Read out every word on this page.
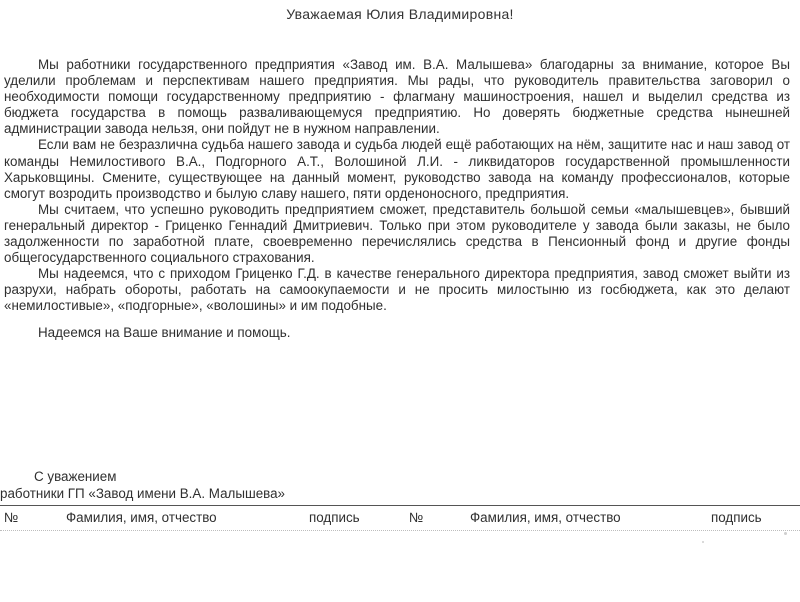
Уважаемая Юлия Владимировна!

Мы работники государственного предприятия «Завод им. В.А. Малышева» благодарны за внимание, которое Вы уделили проблемам и перспективам нашего предприятия. Мы рады, что руководитель правительства заговорил о необходимости помощи государственному предприятию - флагману машиностроения, нашел и выделил средства из бюджета государства в помощь разваливающемуся предприятию. Но доверять бюджетные средства нынешней администрации завода нельзя, они пойдут не в нужном направлении.

Если вам не безразлична судьба нашего завода и судьба людей ещё работающих на нём, защитите нас и наш завод от команды Немилостивого В.А., Подгорного А.Т., Волошиной Л.И. - ликвидаторов государственной промышленности Харьковщины. Смените, существующее на данный момент, руководство завода на команду профессионалов, которые смогут возродить производство и былую славу нашего, пяти орденоносного, предприятия.

Мы считаем, что успешно руководить предприятием сможет, представитель большой семьи «малышевцев», бывший генеральный директор - Гриценко Геннадий Дмитриевич. Только при этом руководителе у завода были заказы, не было задолженности по заработной плате, своевременно перечислялись средства в Пенсионный фонд и другие фонды общегосударственного социального страхования.

Мы надеемся, что с приходом Гриценко Г.Д. в качестве генерального директора предприятия, завод сможет выйти из разрухи, набрать обороты, работать на самоокупаемости и не просить милостыню из госбюджета, как это делают «немилостивые», «подгорные», «волошины» и им подобные.

Надеемся на Ваше внимание и помощь.

С уважением
работники ГП «Завод имени В.А. Малышева»
№	Фамилия, имя, отчество	подпись	№	Фамилия, имя, отчество	подпись
